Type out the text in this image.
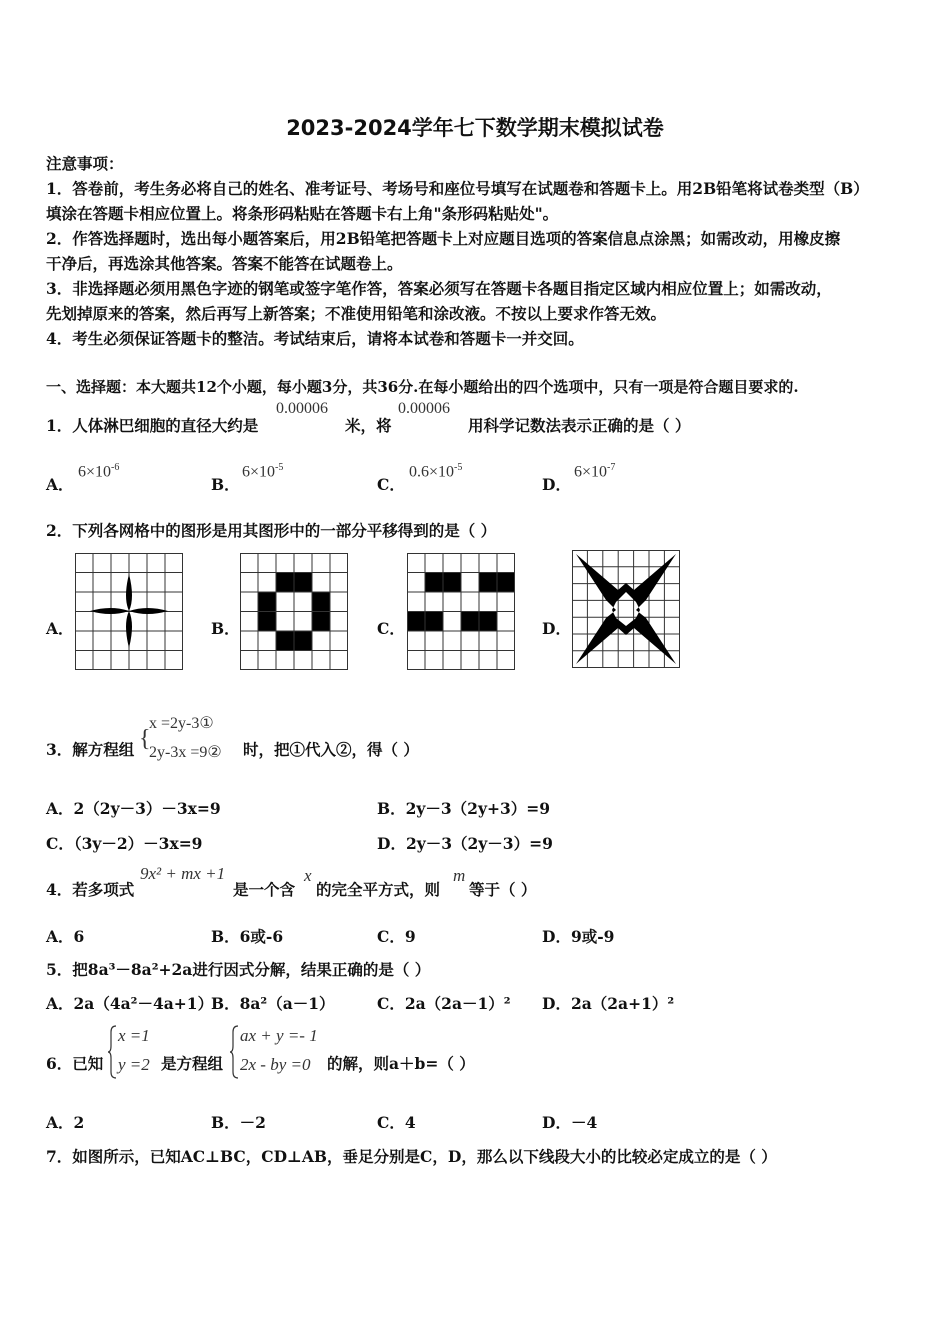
2023-2024学年七下数学期末模拟试卷
注意事项：
1．答卷前，考生务必将自己的姓名、准考证号、考场号和座位号填写在试题卷和答题卡上。用2B铅笔将试卷类型（B）
填涂在答题卡相应位置上。将条形码粘贴在答题卡右上角"条形码粘贴处"。
2．作答选择题时，选出每小题答案后，用2B铅笔把答题卡上对应题目选项的答案信息点涂黑；如需改动，用橡皮擦
干净后，再选涂其他答案。答案不能答在试题卷上。
3．非选择题必须用黑色字迹的钢笔或签字笔作答，答案必须写在答题卡各题目指定区域内相应位置上；如需改动，
先划掉原来的答案，然后再写上新答案；不准使用铅笔和涂改液。不按以上要求作答无效。
4．考生必须保证答题卡的整洁。考试结束后，请将本试卷和答题卡一并交回。
一、选择题：本大题共12个小题，每小题3分，共36分.在每小题给出的四个选项中，只有一项是符合题目要求的.
1．人体淋巴细胞的直径大约是
0.00006
米，将
0.00006
用科学记数法表示正确的是（ ）
A．
$6\times 10^{-6}$
B．
$6\times 10^{-5}$
C．
$0.6\times 10^{-5}$
D．
$6\times 10^{-7}$
2．下列各网格中的图形是用其图形中的一部分平移得到的是（ ）
A．	B．	C．	D．
3．解方程组 {
x =2y-3①
2y-3x =9② 时，把①代入②，得（ ）
A．2（2y－3）－3x=9	B．2y－3（2y+3）=9
C．（3y－2）－3x=9	D．2y－3（2y－3）=9
4．若多项式
9x² + mx +1
是一个含
x
的完全平方式，则
m
等于（ ）
A．6	B．6或-6	C．9	D．9或-9
5．把8a³－8a²+2a进行因式分解，结果正确的是（ ）
A．2a（4a²－4a+1）
B．8a²（a－1）	C．2a（2a－1）² D．2a（2a+1）²
6．已知
x =1
y =2 是方程组
ax + y =- 1
2x - by =0 的解，则a＋b=（ ）
A．2	B．－2	C．4	D．－4
7．如图所示，已知AC⊥BC，CD⊥AB，垂足分别是C，D，那么以下线段大小的比较必定成立的是（ ）
